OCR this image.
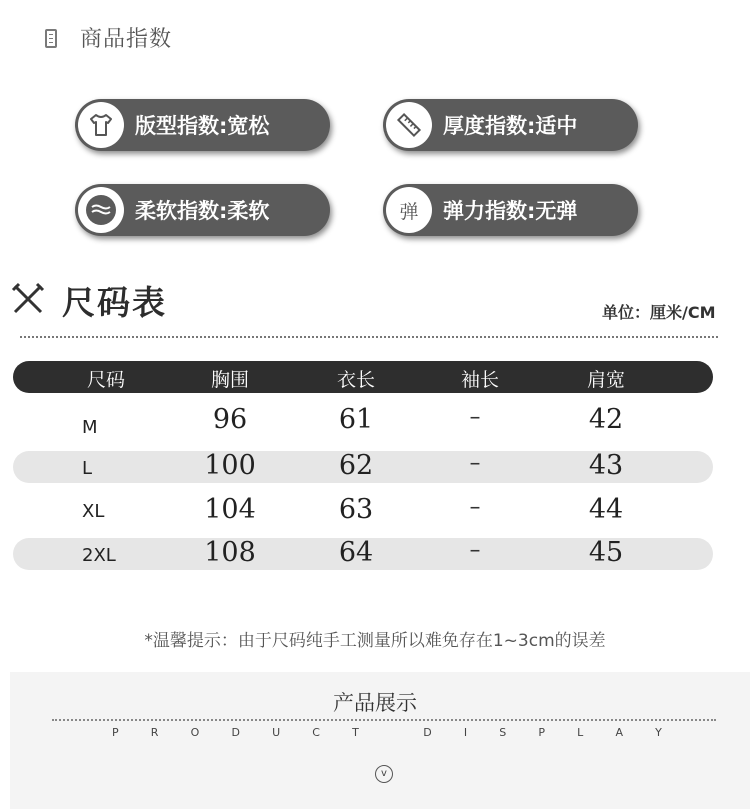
商品指数
版型指数:宽松	厚度指数:适中
柔软指数:柔软	弹 弹力指数:无弹
尺码表	单位：厘米/CM
尺码	胸围	衣长	袖长	肩宽
M	96	61	–	42
L	100	62	–	43
XL	104	63	–	44
2XL	108	64	–	45
*温馨提示：由于尺码纯手工测量所以难免存在1~3cm的误差
产品展示
P	R	O	D	U	C	T	D	I	S	P	L	A	Y
v
